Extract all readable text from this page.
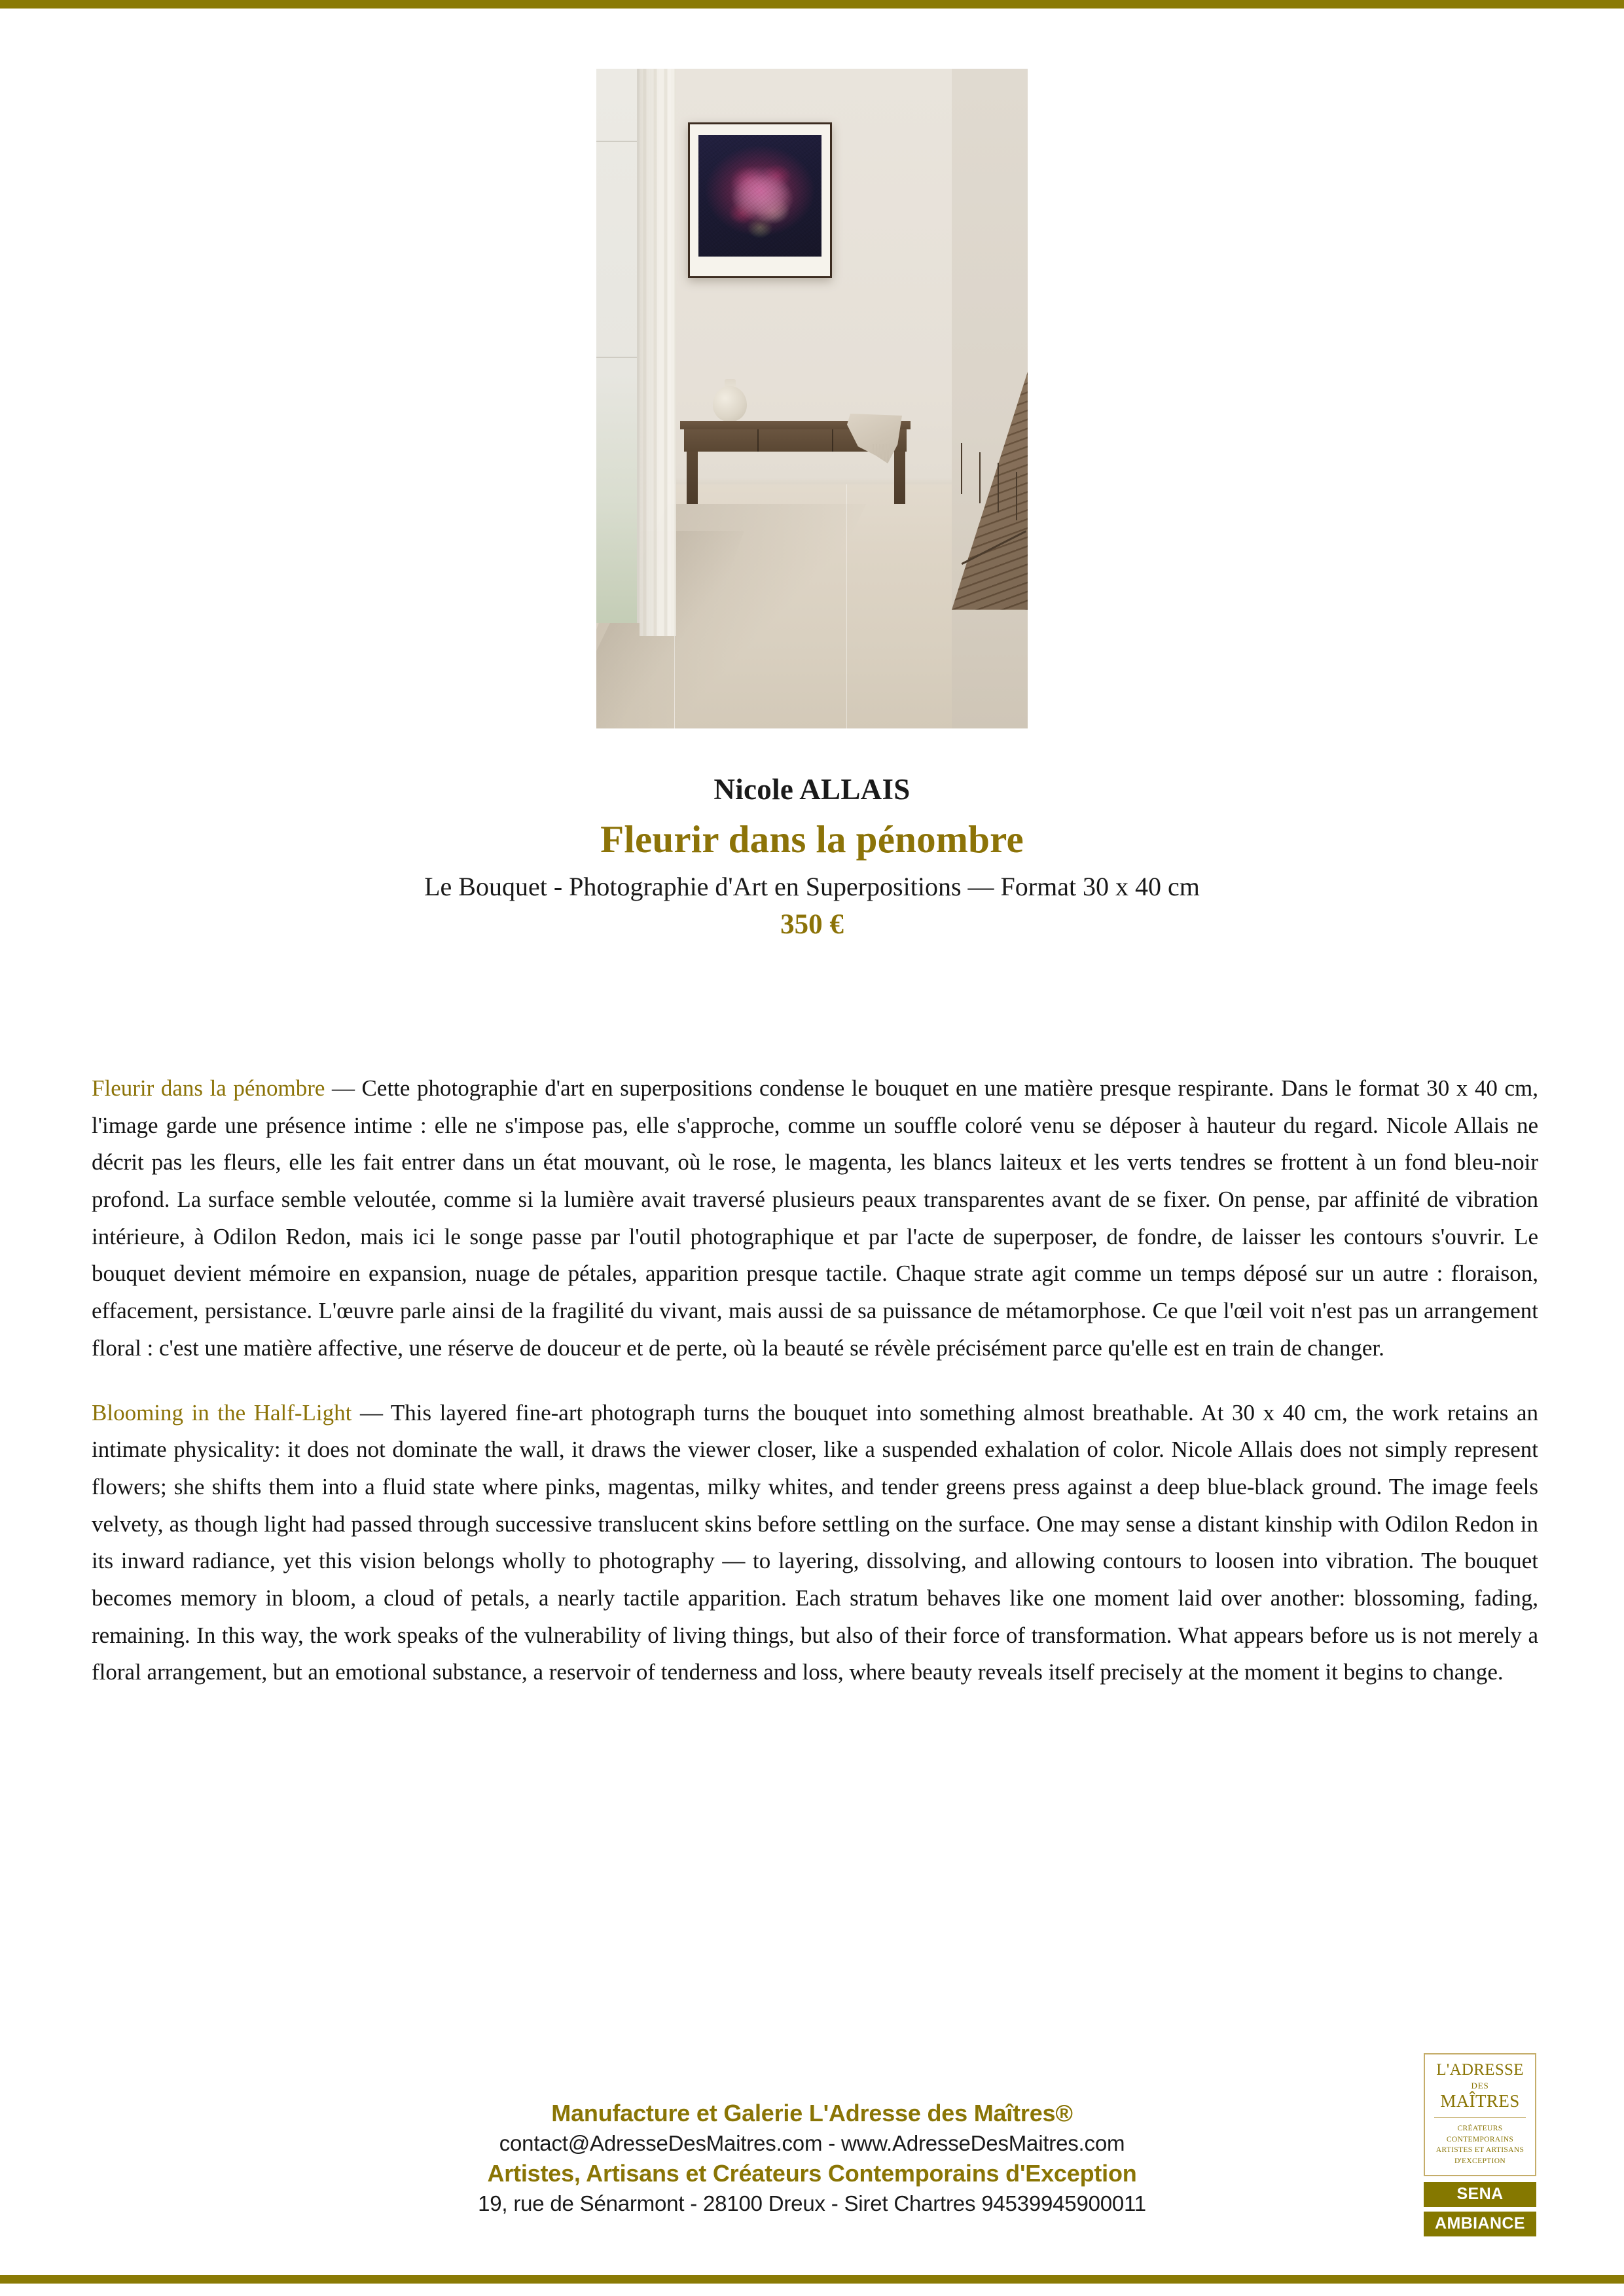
Nicole ALLAIS
Fleurir dans la pénombre
Le Bouquet - Photographie d'Art en Superpositions — Format 30 x 40 cm
350 €

Fleurir dans la pénombre — Cette photographie d'art en superpositions condense le bouquet en une matière presque respirante. Dans le format 30 x 40 cm, l'image garde une présence intime : elle ne s'impose pas, elle s'approche, comme un souffle coloré venu se déposer à hauteur du regard. Nicole Allais ne décrit pas les fleurs, elle les fait entrer dans un état mouvant, où le rose, le magenta, les blancs laiteux et les verts tendres se frottent à un fond bleu-noir profond. La surface semble veloutée, comme si la lumière avait traversé plusieurs peaux transparentes avant de se fixer. On pense, par affinité de vibration intérieure, à Odilon Redon, mais ici le songe passe par l'outil photographique et par l'acte de superposer, de fondre, de laisser les contours s'ouvrir. Le bouquet devient mémoire en expansion, nuage de pétales, apparition presque tactile. Chaque strate agit comme un temps déposé sur un autre : floraison, effacement, persistance. L'œuvre parle ainsi de la fragilité du vivant, mais aussi de sa puissance de métamorphose. Ce que l'œil voit n'est pas un arrangement floral : c'est une matière affective, une réserve de douceur et de perte, où la beauté se révèle précisément parce qu'elle est en train de changer.

Blooming in the Half-Light — This layered fine-art photograph turns the bouquet into something almost breathable. At 30 x 40 cm, the work retains an intimate physicality: it does not dominate the wall, it draws the viewer closer, like a suspended exhalation of color. Nicole Allais does not simply represent flowers; she shifts them into a fluid state where pinks, magentas, milky whites, and tender greens press against a deep blue-black ground. The image feels velvety, as though light had passed through successive translucent skins before settling on the surface. One may sense a distant kinship with Odilon Redon in its inward radiance, yet this vision belongs wholly to photography — to layering, dissolving, and allowing contours to loosen into vibration. The bouquet becomes memory in bloom, a cloud of petals, a nearly tactile apparition. Each stratum behaves like one moment laid over another: blossoming, fading, remaining. In this way, the work speaks of the vulnerability of living things, but also of their force of transformation. What appears before us is not merely a floral arrangement, but an emotional substance, a reservoir of tenderness and loss, where beauty reveals itself precisely at the moment it begins to change.

Manufacture et Galerie L'Adresse des Maîtres®
contact@AdresseDesMaitres.com - www.AdresseDesMaitres.com
Artistes, Artisans et Créateurs Contemporains d'Exception
19, rue de Sénarmont - 28100 Dreux - Siret Chartres 94539945900011
L'ADRESSE
DES
MAÎTRES
CRÉATEURS CONTEMPORAINS
ARTISTES ET ARTISANS
D'EXCEPTION
SENA
AMBIANCE
